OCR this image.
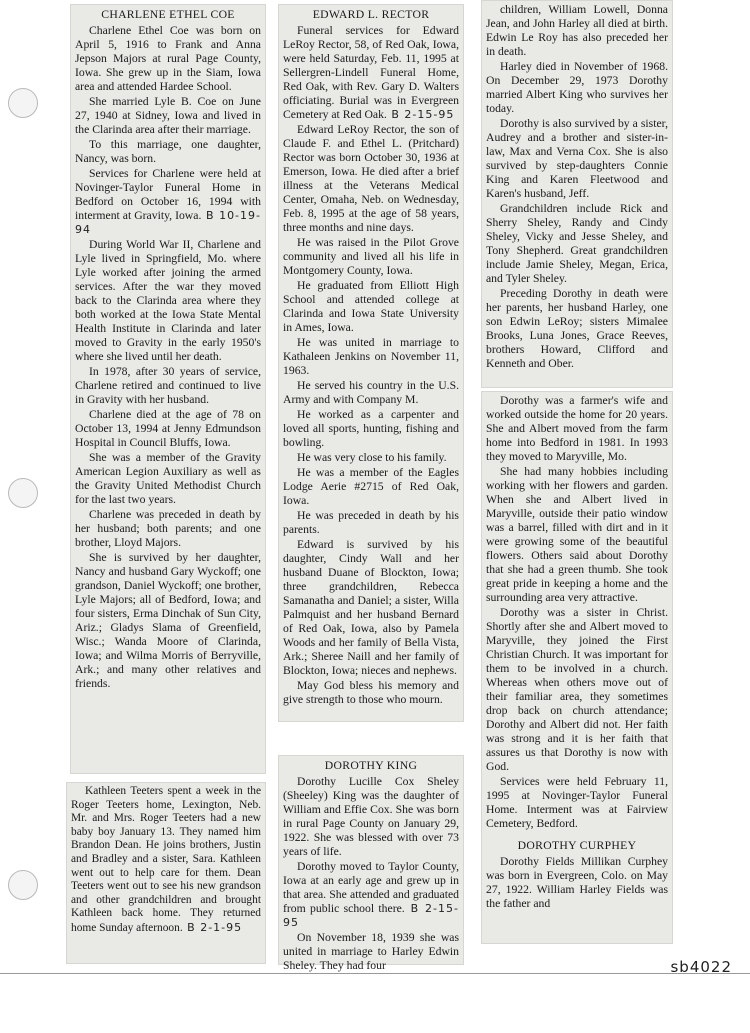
CHARLENE ETHEL COE

Charlene Ethel Coe was born on April 5, 1916 to Frank and Anna Jepson Majors at rural Page County, Iowa. She grew up in the Siam, Iowa area and attended Hardee School.

She married Lyle B. Coe on June 27, 1940 at Sidney, Iowa and lived in the Clarinda area after their marriage.

To this marriage, one daughter, Nancy, was born.

Services for Charlene were held at Novinger-Taylor Funeral Home in Bedford on October 16, 1994 with interment at Gravity, Iowa. B 10-19-94

During World War II, Charlene and Lyle lived in Springfield, Mo. where Lyle worked after joining the armed services. After the war they moved back to the Clarinda area where they both worked at the Iowa State Mental Health Institute in Clarinda and later moved to Gravity in the early 1950's where she lived until her death.

In 1978, after 30 years of service, Charlene retired and continued to live in Gravity with her husband.

Charlene died at the age of 78 on October 13, 1994 at Jenny Edmundson Hospital in Council Bluffs, Iowa.

She was a member of the Gravity American Legion Auxiliary as well as the Gravity United Methodist Church for the last two years.

Charlene was preceded in death by her husband; both parents; and one brother, Lloyd Majors.

She is survived by her daughter, Nancy and husband Gary Wyckoff; one grandson, Daniel Wyckoff; one brother, Lyle Majors; all of Bedford, Iowa; and four sisters, Erma Dinchak of Sun City, Ariz.; Gladys Slama of Greenfield, Wisc.; Wanda Moore of Clarinda, Iowa; and Wilma Morris of Berryville, Ark.; and many other relatives and friends.

Kathleen Teeters spent a week in the Roger Teeters home, Lexington, Neb. Mr. and Mrs. Roger Teeters had a new baby boy January 13. They named him Brandon Dean. He joins brothers, Justin and Bradley and a sister, Sara. Kathleen went out to help care for them. Dean Teeters went out to see his new grandson and other grandchildren and brought Kathleen back home. They returned home Sunday afternoon. B 2-1-95

EDWARD L. RECTOR

Funeral services for Edward LeRoy Rector, 58, of Red Oak, Iowa, were held Saturday, Feb. 11, 1995 at Sellergren-Lindell Funeral Home, Red Oak, with Rev. Gary D. Walters officiating. Burial was in Evergreen Cemetery at Red Oak. B 2-15-95

Edward LeRoy Rector, the son of Claude F. and Ethel L. (Pritchard) Rector was born October 30, 1936 at Emerson, Iowa. He died after a brief illness at the Veterans Medical Center, Omaha, Neb. on Wednesday, Feb. 8, 1995 at the age of 58 years, three months and nine days.

He was raised in the Pilot Grove community and lived all his life in Montgomery County, Iowa.

He graduated from Elliott High School and attended college at Clarinda and Iowa State University in Ames, Iowa.

He was united in marriage to Kathaleen Jenkins on November 11, 1963.

He served his country in the U.S. Army and with Company M.

He worked as a carpenter and loved all sports, hunting, fishing and bowling.

He was very close to his family.

He was a member of the Eagles Lodge Aerie #2715 of Red Oak, Iowa.

He was preceded in death by his parents.

Edward is survived by his daughter, Cindy Wall and her husband Duane of Blockton, Iowa; three grandchildren, Rebecca Samanatha and Daniel; a sister, Willa Palmquist and her husband Bernard of Red Oak, Iowa, also by Pamela Woods and her family of Bella Vista, Ark.; Sheree Naill and her family of Blockton, Iowa; nieces and nephews.

May God bless his memory and give strength to those who mourn.

DOROTHY KING

Dorothy Lucille Cox Sheley (Sheeley) King was the daughter of William and Effie Cox. She was born in rural Page County on January 29, 1922. She was blessed with over 73 years of life.

Dorothy moved to Taylor County, Iowa at an early age and grew up in that area. She attended and graduated from public school there. B 2-15-95

On November 18, 1939 she was united in marriage to Harley Edwin Sheley. They had four

children, William Lowell, Donna Jean, and John Harley all died at birth. Edwin Le Roy has also preceded her in death.

Harley died in November of 1968. On December 29, 1973 Dorothy married Albert King who survives her today.

Dorothy is also survived by a sister, Audrey and a brother and sister-in-law, Max and Verna Cox. She is also survived by step-daughters Connie King and Karen Fleetwood and Karen's husband, Jeff.

Grandchildren include Rick and Sherry Sheley, Randy and Cindy Sheley, Vicky and Jesse Sheley, and Tony Shepherd. Great grandchildren include Jamie Sheley, Megan, Erica, and Tyler Sheley.

Preceding Dorothy in death were her parents, her husband Harley, one son Edwin LeRoy; sisters Mimalee Brooks, Luna Jones, Grace Reeves, brothers Howard, Clifford and Kenneth and Ober.

Dorothy was a farmer's wife and worked outside the home for 20 years. She and Albert moved from the farm home into Bedford in 1981. In 1993 they moved to Maryville, Mo.

She had many hobbies including working with her flowers and garden. When she and Albert lived in Maryville, outside their patio window was a barrel, filled with dirt and in it were growing some of the beautiful flowers. Others said about Dorothy that she had a green thumb. She took great pride in keeping a home and the surrounding area very attractive.

Dorothy was a sister in Christ. Shortly after she and Albert moved to Maryville, they joined the First Christian Church. It was important for them to be involved in a church. Whereas when others move out of their familiar area, they sometimes drop back on church attendance; Dorothy and Albert did not. Her faith was strong and it is her faith that assures us that Dorothy is now with God.

Services were held February 11, 1995 at Novinger-Taylor Funeral Home. Interment was at Fairview Cemetery, Bedford.

DOROTHY CURPHEY

Dorothy Fields Millikan Curphey was born in Evergreen, Colo. on May 27, 1922. William Harley Fields was the father and

sb4022
